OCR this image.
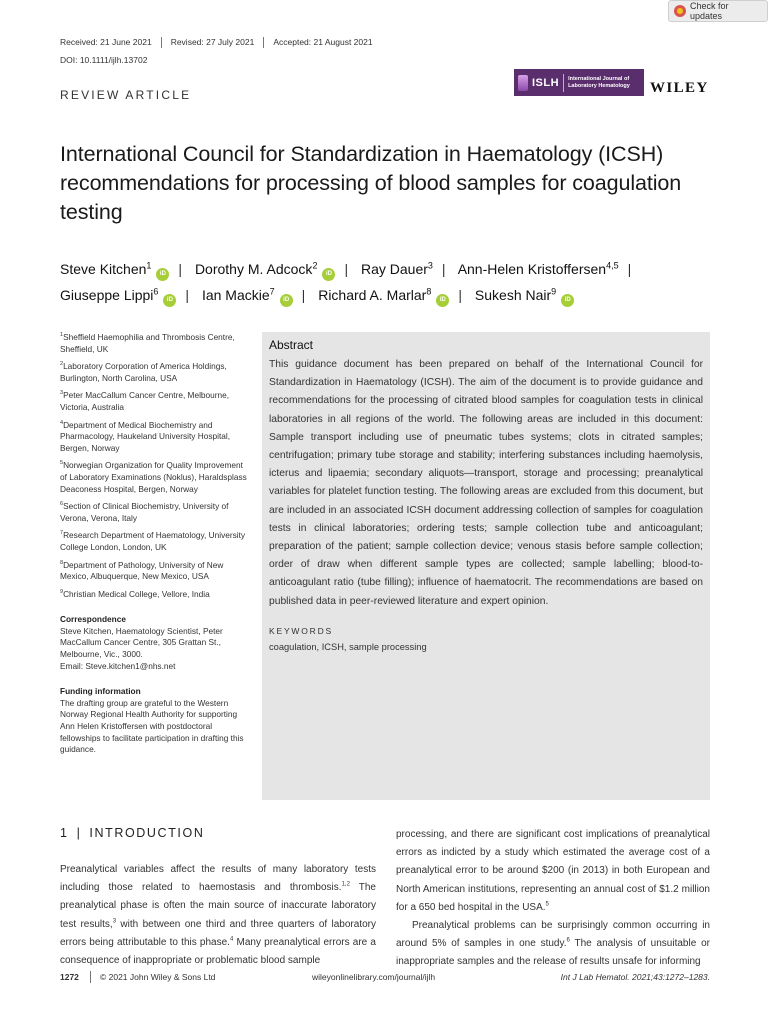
Check for updates
Received: 21 June 2021	Revised: 27 July 2021	Accepted: 21 August 2021
DOI: 10.1111/ijlh.13702
REVIEW ARTICLE
ISLH International Journal of
Laboratory Hematology WILEY
International Council for Standardization in Haematology (ICSH) recommendations for processing of blood samples for coagulation testing
Steve Kitchen$^1$iD | Dorothy M. Adcock$^2$iD | Ray Dauer$^3$ | Ann-Helen Kristoffersen$^{4,5}$ |
Giuseppe Lippi$^6$iD | Ian Mackie$^7$iD | Richard A. Marlar$^8$iD | Sukesh Nair$^9$iD
$^1$Sheffield Haemophilia and Thrombosis Centre, Sheffield, UK
$^2$Laboratory Corporation of America Holdings, Burlington, North Carolina, USA
$^3$Peter MacCallum Cancer Centre, Melbourne, Victoria, Australia
$^4$Department of Medical Biochemistry and Pharmacology, Haukeland University Hospital, Bergen, Norway
$^5$Norwegian Organization for Quality Improvement of Laboratory Examinations (Noklus), Haraldsplass Deaconess Hospital, Bergen, Norway
$^6$Section of Clinical Biochemistry, University of Verona, Verona, Italy
$^7$Research Department of Haematology, University College London, London, UK
$^8$Department of Pathology, University of New Mexico, Albuquerque, New Mexico, USA
$^9$Christian Medical College, Vellore, India
Correspondence
Steve Kitchen, Haematology Scientist, Peter MacCallum Cancer Centre, 305 Grattan St., Melbourne, Vic., 3000.
Email: Steve.kitchen1@nhs.net
Funding information
The drafting group are grateful to the Western Norway Regional Health Authority for supporting Ann Helen Kristoffersen with postdoctoral fellowships to facilitate participation in drafting this guidance.
Abstract
This guidance document has been prepared on behalf of the International Council for Standardization in Haematology (ICSH). The aim of the document is to provide guidance and recommendations for the processing of citrated blood samples for coagulation tests in clinical laboratories in all regions of the world. The following areas are included in this document: Sample transport including use of pneumatic tubes systems; clots in citrated samples; centrifugation; primary tube storage and stability; interfering substances including haemolysis, icterus and lipaemia; secondary aliquots—transport, storage and processing; preanalytical variables for platelet function testing. The following areas are excluded from this document, but are included in an associated ICSH document addressing collection of samples for coagulation tests in clinical laboratories; ordering tests; sample collection tube and anticoagulant; preparation of the patient; sample collection device; venous stasis before sample collection; order of draw when different sample types are collected; sample labelling; blood-to-anticoagulant ratio (tube filling); influence of haematocrit. The recommendations are based on published data in peer-reviewed literature and expert opinion.
KEYWORDS
coagulation, ICSH, sample processing
1 | INTRODUCTION

Preanalytical variables affect the results of many laboratory tests including those related to haemostasis and thrombosis.$^{1,2}$ The preanalytical phase is often the main source of inaccurate laboratory test results,$^3$ with between one third and three quarters of laboratory errors being attributable to this phase.$^4$ Many preanalytical errors are a consequence of inappropriate or problematic blood sample

processing, and there are significant cost implications of preanalytical errors as indicted by a study which estimated the average cost of a preanalytical error to be around $200 (in 2013) in both European and North American institutions, representing an annual cost of $1.2 million for a 650 bed hospital in the USA.$^5$

Preanalytical problems can be surprisingly common occurring in around 5% of samples in one study.$^6$ The analysis of unsuitable or inappropriate samples and the release of results unsafe for informing

1272 © 2021 John Wiley & Sons Ltd	wileyonlinelibrary.com/journal/ijlh	Int J Lab Hematol. 2021;43:1272–1283.
